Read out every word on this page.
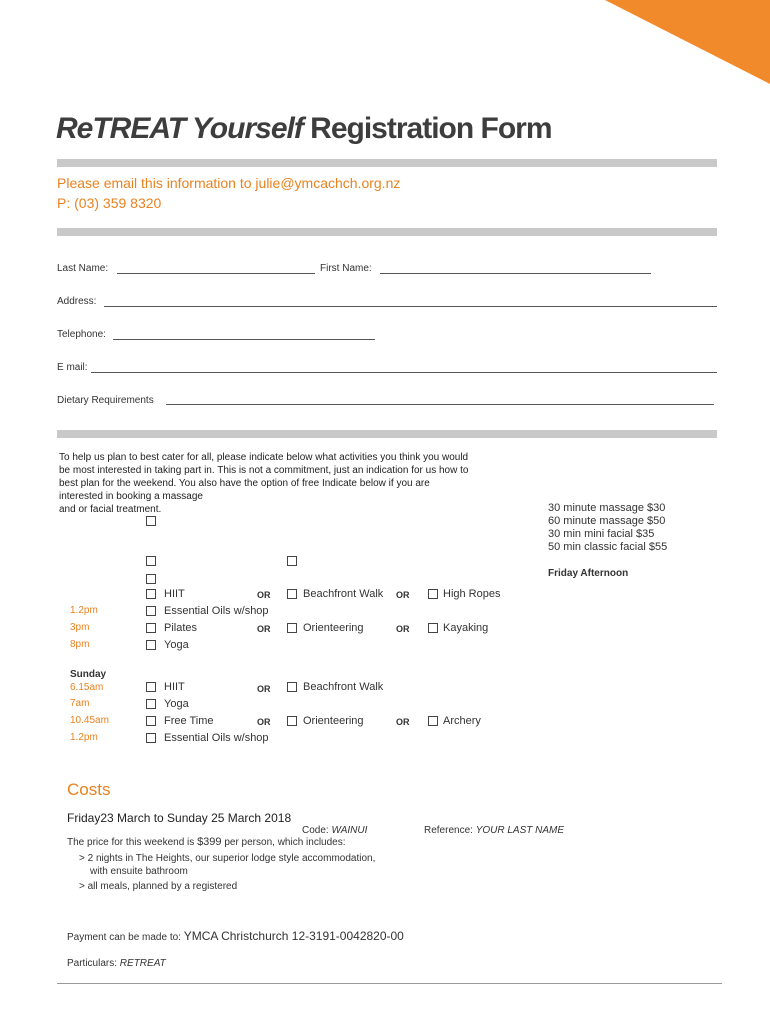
ReTREAT Yourself Registration Form
Please email this information to julie@ymcachch.org.nz
P: (03) 359 8320
Last Name:	First Name:
Address:
Telephone:
E mail:
Dietary Requirements
To help us plan to best cater for all, please indicate below what activities you think you would
be most interested in taking part in. This is not a commitment, just an indication for us how to
best plan for the weekend. You also have the option of free Indicate below if you are
interested in booking a massage
and or facial treatment.	30 minute massage $30
60 minute massage $50
30 min mini facial $35
50 min classic facial $55
Friday Afternoon
HIIT	OR	Beachfront Walk OR	High Ropes
1.2pm	Essential Oils w/shop
3pm	Pilates	OR	Orienteering	OR	Kayaking
8pm	Yoga
Sunday
6.15am	HIIT	OR	Beachfront Walk
7am	Yoga
10.45am	Free Time	OR	Orienteering	OR	Archery
1.2pm	Essential Oils w/shop
Costs
Friday23 March to Sunday 25 March 2018
Code: WAINUI	Reference: YOUR LAST NAME
The price for this weekend is $399 per person, which includes:
> 2 nights in The Heights, our superior lodge style accommodation,
with ensuite bathroom
> all meals, planned by a registered
Payment can be made to: YMCA Christchurch 12-3191-0042820-00
Particulars: RETREAT
